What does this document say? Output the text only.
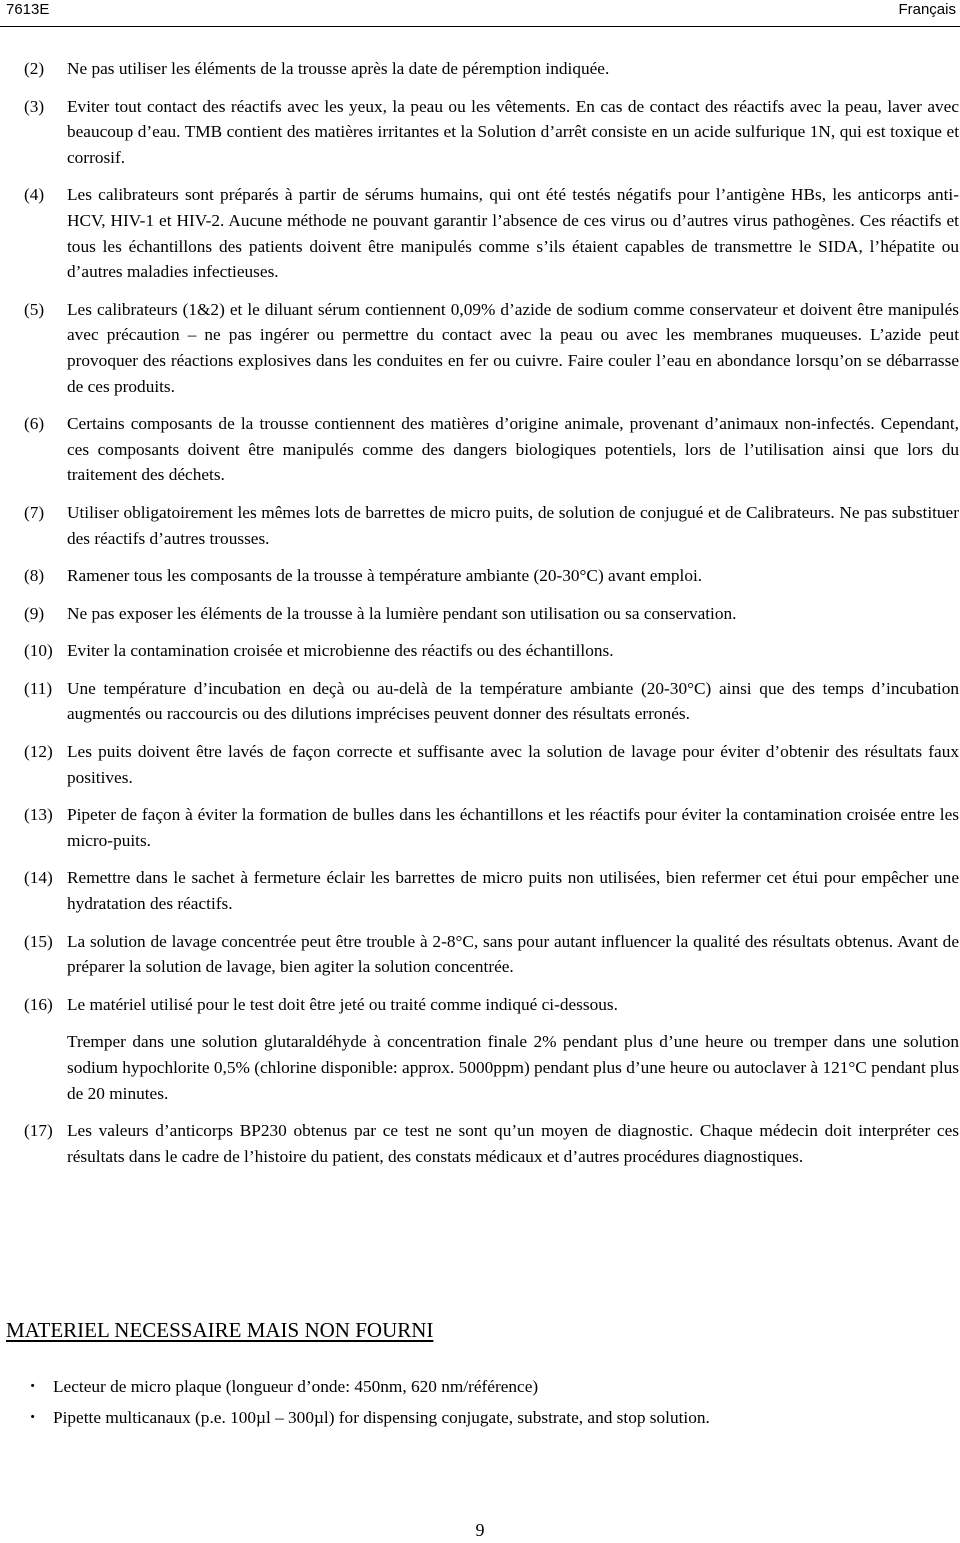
7613E	Français
(2)	Ne pas utiliser les éléments de la trousse après la date de péremption indiquée.
(3)	Eviter tout contact des réactifs avec les yeux, la peau ou les vêtements. En cas de contact des réactifs avec la peau, laver avec beaucoup d’eau. TMB contient des matières irritantes et la Solution d’arrêt consiste en un acide sulfurique 1N, qui est toxique et corrosif.
(4)	Les calibrateurs sont préparés à partir de sérums humains, qui ont été testés négatifs pour l’antigène HBs, les anticorps anti-HCV, HIV-1 et HIV-2. Aucune méthode ne pouvant garantir l’absence de ces virus ou d’autres virus pathogènes. Ces réactifs et tous les échantillons des patients doivent être manipulés comme s’ils étaient capables de transmettre le SIDA, l’hépatite ou d’autres maladies infectieuses.
(5)	Les calibrateurs (1&2) et le diluant sérum contiennent 0,09% d’azide de sodium comme conservateur et doivent être manipulés avec précaution – ne pas ingérer ou permettre du contact avec la peau ou avec les membranes muqueuses. L’azide peut provoquer des réactions explosives dans les conduites en fer ou cuivre. Faire couler l’eau en abondance lorsqu’on se débarrasse de ces produits.
(6)	Certains composants de la trousse contiennent des matières d’origine animale, provenant d’animaux non-infectés. Cependant, ces composants doivent être manipulés comme des dangers biologiques potentiels, lors de l’utilisation ainsi que lors du traitement des déchets.
(7)	Utiliser obligatoirement les mêmes lots de barrettes de micro puits, de solution de conjugué et de Calibrateurs. Ne pas substituer des réactifs d’autres trousses.
(8)	Ramener tous les composants de la trousse à température ambiante (20-30°C) avant emploi.
(9)	Ne pas exposer les éléments de la trousse à la lumière pendant son utilisation ou sa conservation.
(10) Eviter la contamination croisée et microbienne des réactifs ou des échantillons.
(11) Une température d’incubation en deçà ou au-delà de la température ambiante (20-30°C) ainsi que des temps d’incubation augmentés ou raccourcis ou des dilutions imprécises peuvent donner des résultats erronés.
(12) Les puits doivent être lavés de façon correcte et suffisante avec la solution de lavage pour éviter d’obtenir des résultats faux positives.
(13) Pipeter de façon à éviter la formation de bulles dans les échantillons et les réactifs pour éviter la contamination croisée entre les micro-puits.
(14) Remettre dans le sachet à fermeture éclair les barrettes de micro puits non utilisées, bien refermer cet étui pour empêcher une hydratation des réactifs.
(15) La solution de lavage concentrée peut être trouble à 2-8°C, sans pour autant influencer la qualité des résultats obtenus. Avant de préparer la solution de lavage, bien agiter la solution concentrée.
(16) Le matériel utilisé pour le test doit être jeté ou traité comme indiqué ci-dessous.
Tremper dans une solution glutaraldéhyde à concentration finale 2% pendant plus d’une heure ou tremper dans une solution sodium hypochlorite 0,5% (chlorine disponible: approx. 5000ppm) pendant plus d’une heure ou autoclaver à 121°C pendant plus de 20 minutes.
(17) Les valeurs d’anticorps BP230 obtenus par ce test ne sont qu’un moyen de diagnostic. Chaque médecin doit interpréter ces résultats dans le cadre de l’histoire du patient, des constats médicaux et d’autres procédures diagnostiques.
MATERIEL NECESSAIRE MAIS NON FOURNI
・ Lecteur de micro plaque (longueur d’onde: 450nm, 620 nm/référence)
・ Pipette multicanaux (p.e. 100µl – 300µl) for dispensing conjugate, substrate, and stop solution.
9
